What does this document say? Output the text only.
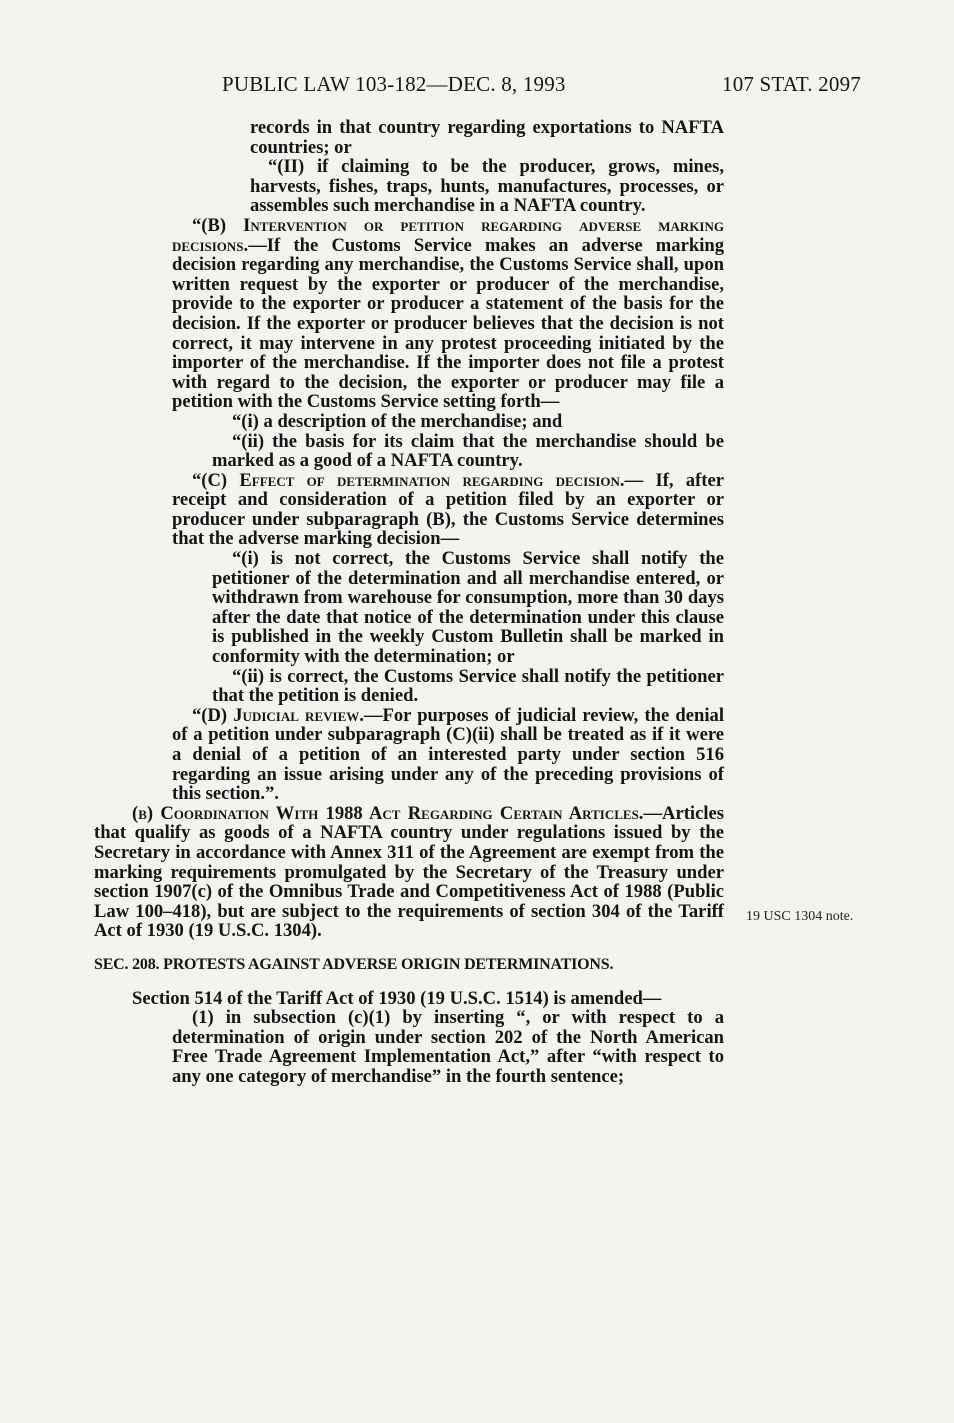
PUBLIC LAW 103-182—DEC. 8, 1993	107 STAT. 2097

records in that country regarding exportations to NAFTA countries; or

“(II) if claiming to be the producer, grows, mines, harvests, fishes, traps, hunts, manufactures, processes, or assembles such merchandise in a NAFTA country.

“(B) Intervention or petition regarding adverse marking decisions.—If the Customs Service makes an adverse marking decision regarding any merchandise, the Customs Service shall, upon written request by the exporter or producer of the merchandise, provide to the exporter or producer a statement of the basis for the decision. If the exporter or producer believes that the decision is not correct, it may intervene in any protest proceeding initiated by the importer of the merchandise. If the importer does not file a protest with regard to the decision, the exporter or producer may file a petition with the Customs Service setting forth—

“(i) a description of the merchandise; and

“(ii) the basis for its claim that the merchandise should be marked as a good of a NAFTA country.

“(C) Effect of determination regarding decision.— If, after receipt and consideration of a petition filed by an exporter or producer under subparagraph (B), the Customs Service determines that the adverse marking decision—

“(i) is not correct, the Customs Service shall notify the petitioner of the determination and all merchandise entered, or withdrawn from warehouse for consumption, more than 30 days after the date that notice of the determination under this clause is published in the weekly Custom Bulletin shall be marked in conformity with the determination; or

“(ii) is correct, the Customs Service shall notify the petitioner that the petition is denied.

“(D) Judicial review.—For purposes of judicial review, the denial of a petition under subparagraph (C)(ii) shall be treated as if it were a denial of a petition of an interested party under section 516 regarding an issue arising under any of the preceding provisions of this section.”.

(b) Coordination With 1988 Act Regarding Certain Articles.—Articles that qualify as goods of a NAFTA country under regulations issued by the Secretary in accordance with Annex 311 of the Agreement are exempt from the marking requirements promulgated by the Secretary of the Treasury under section 1907(c) of the Omnibus Trade and Competitiveness Act of 1988 (Public Law 100–418), but are subject to the requirements of section 304 of the Tariff Act of 1930 (19 U.S.C. 1304).

SEC. 208. PROTESTS AGAINST ADVERSE ORIGIN DETERMINATIONS.

Section 514 of the Tariff Act of 1930 (19 U.S.C. 1514) is amended—

(1) in subsection (c)(1) by inserting “, or with respect to a determination of origin under section 202 of the North American Free Trade Agreement Implementation Act,” after “with respect to any one category of merchandise” in the fourth sentence;

19 USC 1304 note.
